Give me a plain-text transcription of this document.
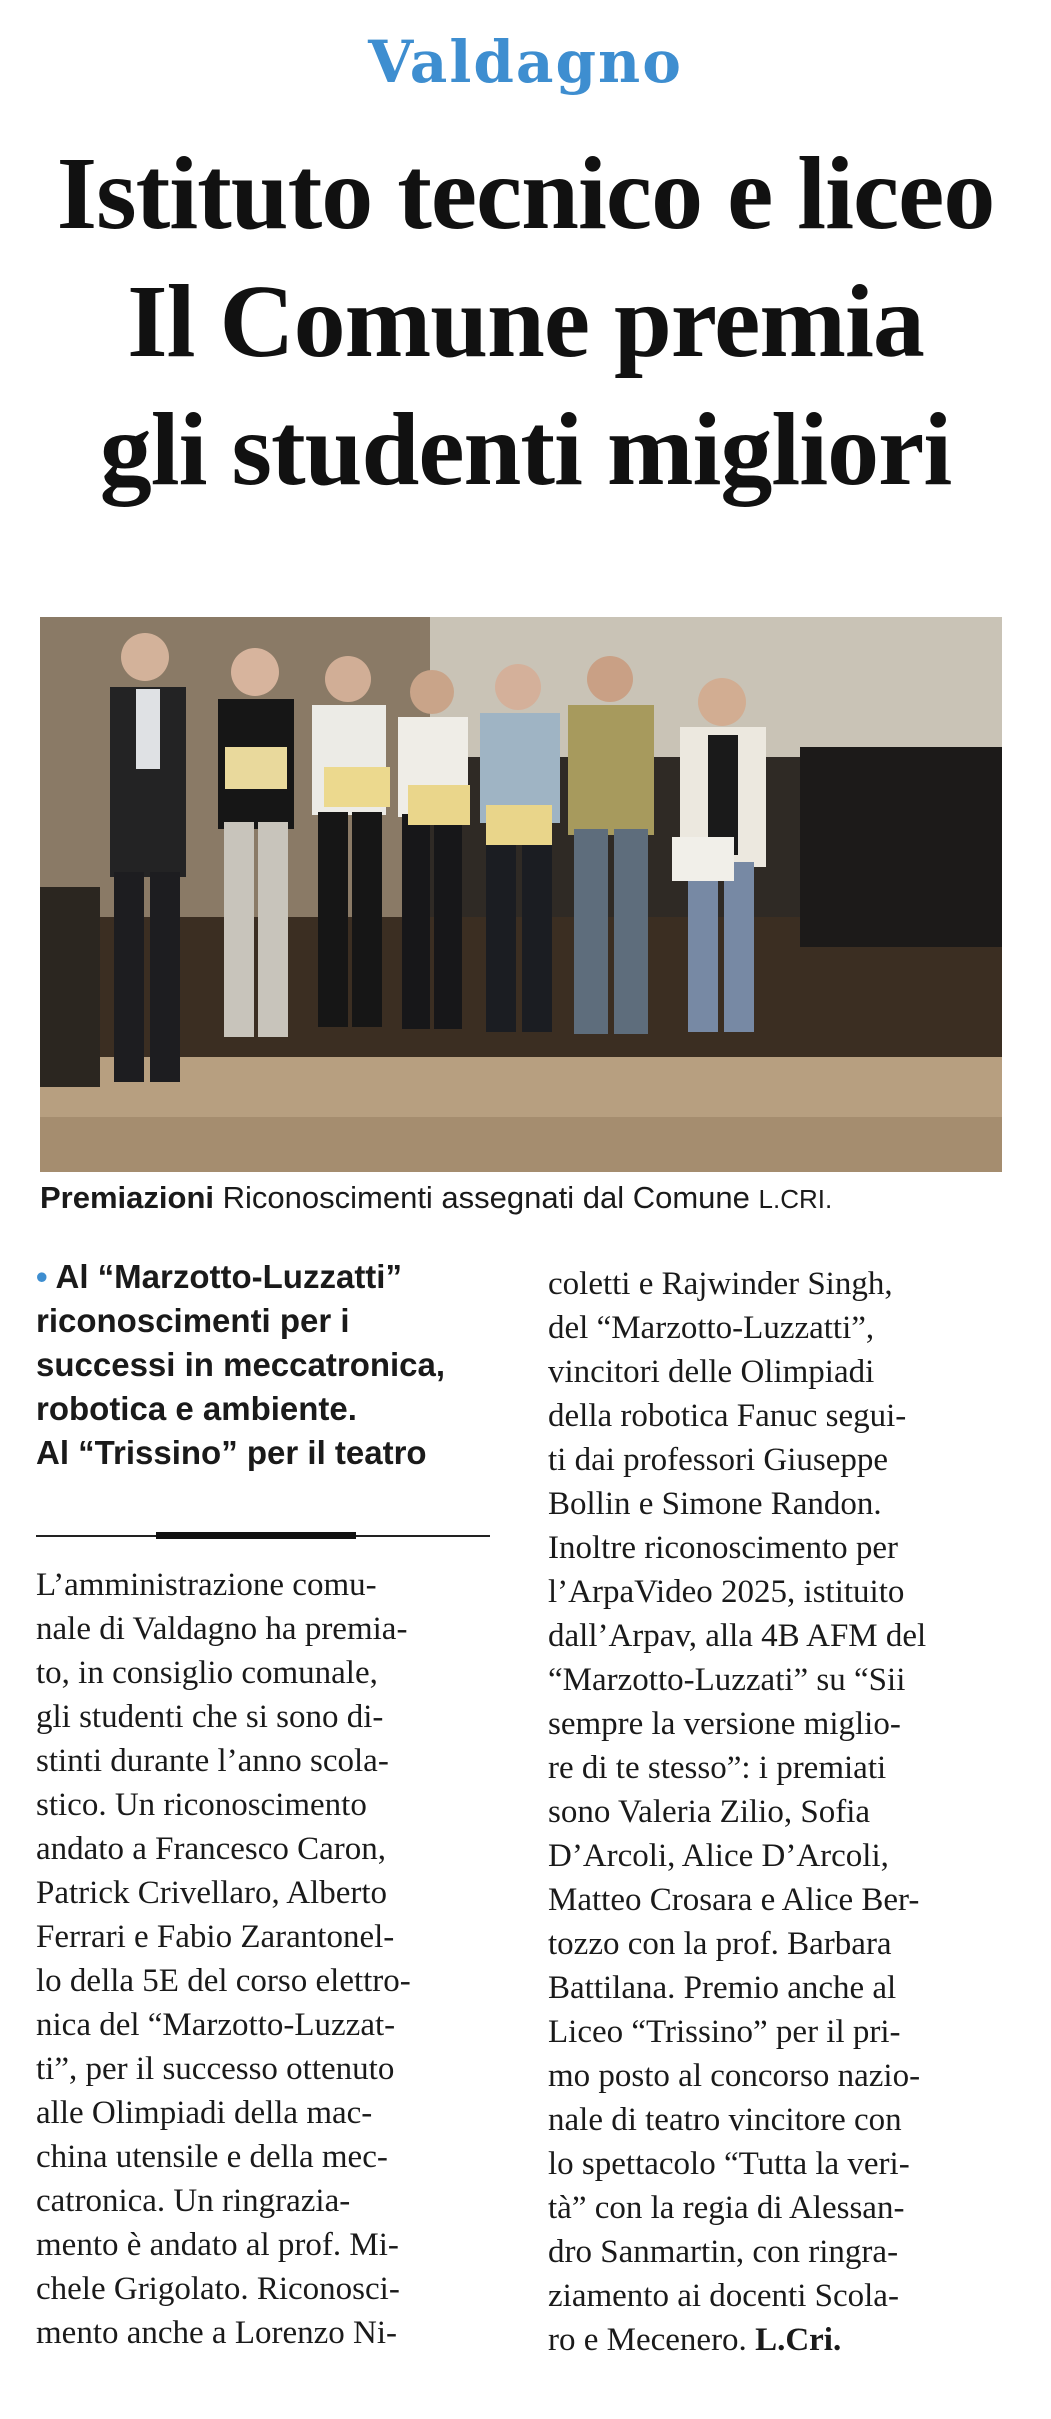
Valdagno
Istituto tecnico e liceo
Il Comune premia
gli studenti migliori
Premiazioni Riconoscimenti assegnati dal Comune L.CRI.
• Al “Marzotto-Luzzatti”
riconoscimenti per i
successi in meccatronica,
robotica e ambiente.
Al “Trissino” per il teatro
L’amministrazione comu-
nale di Valdagno ha premia-
to, in consiglio comunale,
gli studenti che si sono di-
stinti durante l’anno scola-
stico. Un riconoscimento
andato a Francesco Caron,
Patrick Crivellaro, Alberto
Ferrari e Fabio Zarantonel-
lo della 5E del corso elettro-
nica del “Marzotto-Luzzat-
ti”, per il successo ottenuto
alle Olimpiadi della mac-
china utensile e della mec-
catronica. Un ringrazia-
mento è andato al prof. Mi-
chele Grigolato. Riconosci-
mento anche a Lorenzo Ni-
coletti e Rajwinder Singh,
del “Marzotto-Luzzatti”,
vincitori delle Olimpiadi
della robotica Fanuc segui-
ti dai professori Giuseppe
Bollin e Simone Randon.
Inoltre riconoscimento per
l’ArpaVideo 2025, istituito
dall’Arpav, alla 4B AFM del
“Marzotto-Luzzati” su “Sii
sempre la versione miglio-
re di te stesso”: i premiati
sono Valeria Zilio, Sofia
D’Arcoli, Alice D’Arcoli,
Matteo Crosara e Alice Ber-
tozzo con la prof. Barbara
Battilana. Premio anche al
Liceo “Trissino” per il pri-
mo posto al concorso nazio-
nale di teatro vincitore con
lo spettacolo “Tutta la veri-
tà” con la regia di Alessan-
dro Sanmartin, con ringra-
ziamento ai docenti Scola-
ro e Mecenero. L.Cri.
